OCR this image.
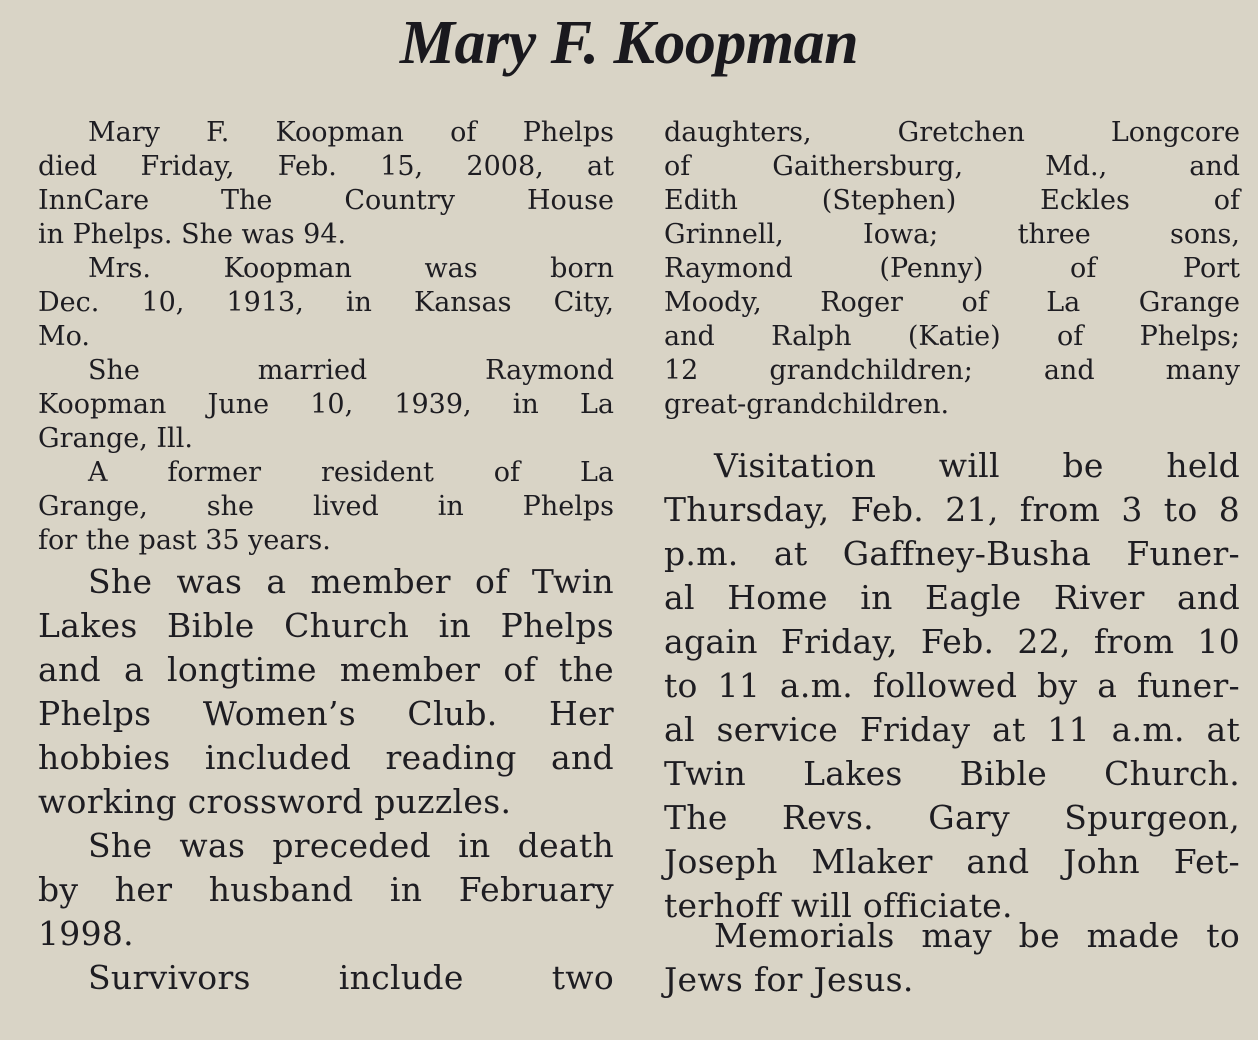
Mary F. Koopman
Mary F. Koopman of Phelps
died Friday, Feb. 15, 2008, at
InnCare The Country House
in Phelps. She was 94.
Mrs. Koopman was born
Dec. 10, 1913, in Kansas City,
Mo.
She married Raymond
Koopman June 10, 1939, in La
Grange, Ill.
A former resident of La
Grange, she lived in Phelps
for the past 35 years.
She was a member of Twin
Lakes Bible Church in Phelps
and a longtime member of the
Phelps Women’s Club. Her
hobbies included reading and
working crossword puzzles.
She was preceded in death
by her husband in February
1998.
Survivors include two
daughters, Gretchen Longcore
of Gaithersburg, Md., and
Edith (Stephen) Eckles of
Grinnell, Iowa; three sons,
Raymond (Penny) of Port
Moody, Roger of La Grange
and Ralph (Katie) of Phelps;
12 grandchildren; and many
great-grandchildren.
Visitation will be held
Thursday, Feb. 21, from 3 to 8
p.m. at Gaffney-Busha Funer-
al Home in Eagle River and
again Friday, Feb. 22, from 10
to 11 a.m. followed by a funer-
al service Friday at 11 a.m. at
Twin Lakes Bible Church.
The Revs. Gary Spurgeon,
Joseph Mlaker and John Fet-
terhoff will officiate.
Memorials may be made to
Jews for Jesus.
